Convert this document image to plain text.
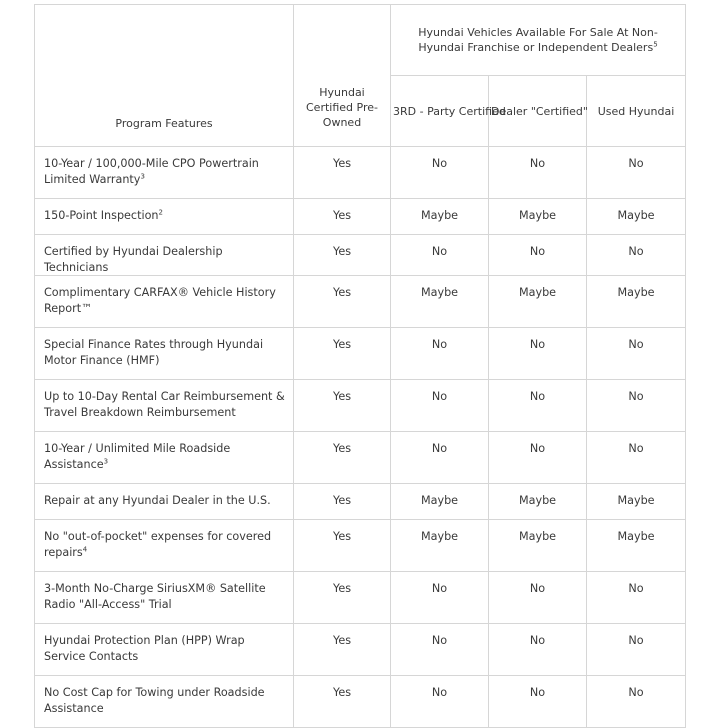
Program Features	Hyundai Certified Pre-Owned	Hyundai Vehicles Available For Sale At Non-Hyundai Franchise or Independent Dealers$^5$
		3RD - Party Certified	Dealer "Certified"	Used Hyundai
10-Year / 100,000-Mile CPO Powertrain Limited Warranty$^3$	Yes	No	No	No
150-Point Inspection$^2$	Yes	Maybe	Maybe	Maybe
Certified by Hyundai Dealership Technicians	Yes	No	No	No
Complimentary CARFAX® Vehicle History Report™	Yes	Maybe	Maybe	Maybe
Special Finance Rates through Hyundai Motor Finance (HMF)	Yes	No	No	No
Up to 10-Day Rental Car Reimbursement & Travel Breakdown Reimbursement	Yes	No	No	No
10-Year / Unlimited Mile Roadside Assistance$^3$	Yes	No	No	No
Repair at any Hyundai Dealer in the U.S.	Yes	Maybe	Maybe	Maybe
No "out-of-pocket" expenses for covered repairs$^4$	Yes	Maybe	Maybe	Maybe
3-Month No-Charge SiriusXM® Satellite Radio "All-Access" Trial	Yes	No	No	No
Hyundai Protection Plan (HPP) Wrap Service Contacts	Yes	No	No	No
No Cost Cap for Towing under Roadside Assistance	Yes	No	No	No
